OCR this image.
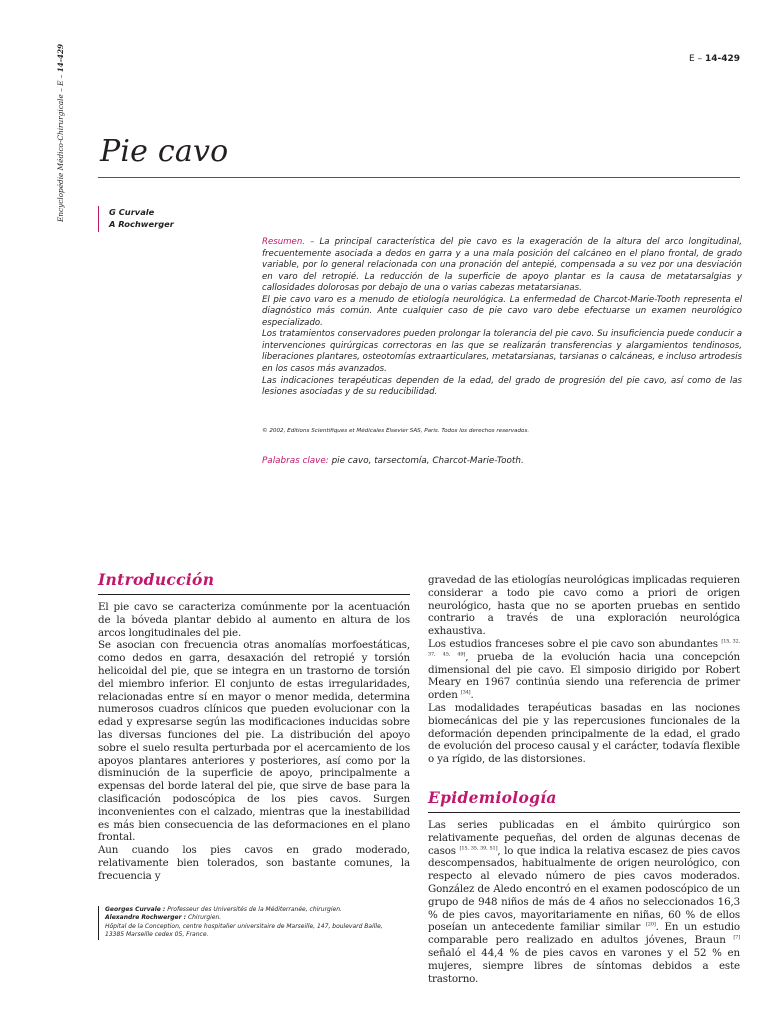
Encyclopédie Médico-Chirurgicale – E – 14-429	E – 14-429
Pie cavo
G Curvale
A Rochwerger

Resumen. – La principal característica del pie cavo es la exageración de la altura del arco longitudinal, frecuentemente asociada a dedos en garra y a una mala posición del calcáneo en el plano frontal, de grado variable, por lo general relacionada con una pronación del antepié, compensada a su vez por una desviación en varo del retropié. La reducción de la superficie de apoyo plantar es la causa de metatarsalgias y callosidades dolorosas por debajo de una o varias cabezas metatarsianas.

El pie cavo varo es a menudo de etiología neurológica. La enfermedad de Charcot-Marie-Tooth representa el diagnóstico más común. Ante cualquier caso de pie cavo varo debe efectuarse un examen neurológico especializado.

Los tratamientos conservadores pueden prolongar la tolerancia del pie cavo. Su insuficiencia puede conducir a intervenciones quirúrgicas correctoras en las que se realizarán transferencias y alargamientos tendinosos, liberaciones plantares, osteotomías extraarticulares, metatarsianas, tarsianas o calcáneas, e incluso artrodesis en los casos más avanzados.

Las indicaciones terapéuticas dependen de la edad, del grado de progresión del pie cavo, así como de las lesiones asociadas y de su reducibilidad.

© 2002, Editions Scientifiques et Médicales Elsevier SAS, Paris. Todos los derechos reservados.
Palabras clave: pie cavo, tarsectomía, Charcot-Marie-Tooth.
Introducción

El pie cavo se caracteriza comúnmente por la acentuación de la bóveda plantar debido al aumento en altura de los arcos longitudinales del pie.

Se asocian con frecuencia otras anomalías morfoestáticas, como dedos en garra, desaxación del retropié y torsión helicoidal del pie, que se integra en un trastorno de torsión del miembro inferior. El conjunto de estas irregularidades, relacionadas entre sí en mayor o menor medida, determina numerosos cuadros clínicos que pueden evolucionar con la edad y expresarse según las modificaciones inducidas sobre las diversas funciones del pie. La distribución del apoyo sobre el suelo resulta perturbada por el acercamiento de los apoyos plantares anteriores y posteriores, así como por la disminución de la superficie de apoyo, principalmente a expensas del borde lateral del pie, que sirve de base para la clasificación podoscópica de los pies cavos. Surgen inconvenientes con el calzado, mientras que la inestabilidad es más bien consecuencia de las deformaciones en el plano frontal.

Aun cuando los pies cavos en grado moderado, relativamente bien tolerados, son bastante comunes, la frecuencia y

gravedad de las etiologías neurológicas implicadas requieren considerar a todo pie cavo como a priori de origen neurológico, hasta que no se aporten pruebas en sentido contrario a través de una exploración neurológica exhaustiva.

Los estudios franceses sobre el pie cavo son abundantes [15, 32, 37, 45, 49], prueba de la evolución hacia una concepción dimensional del pie cavo. El simposio dirigido por Robert Meary en 1967 continúa siendo una referencia de primer orden [34].

Las modalidades terapéuticas basadas en las nociones biomecánicas del pie y las repercusiones funcionales de la deformación dependen principalmente de la edad, el grado de evolución del proceso causal y el carácter, todavía flexible o ya rígido, de las distorsiones.

Epidemiología

Las series publicadas en el ámbito quirúrgico son relativamente pequeñas, del orden de algunas decenas de casos [15, 35, 39, 51], lo que indica la relativa escasez de pies cavos descompensados, habitualmente de origen neurológico, con respecto al elevado número de pies cavos moderados. González de Aledo encontró en el examen podoscópico de un grupo de 948 niños de más de 4 años no seleccionados 16,3 % de pies cavos, mayoritariamente en niñas, 60 % de ellos poseían un antecedente familiar similar [20]. En un estudio comparable pero realizado en adultos jóvenes, Braun [7] señaló el 44,4 % de pies cavos en varones y el 52 % en mujeres, siempre libres de síntomas debidos a este trastorno.

Georges Curvale : Professeur des Universités de la Méditerranée, chirurgien.
Alexandre Rochwerger : Chirurgien.
Hôpital de la Conception, centre hospitalier universitaire de Marseille, 147, boulevard Baille, 13385 Marseille cedex 05, France.
